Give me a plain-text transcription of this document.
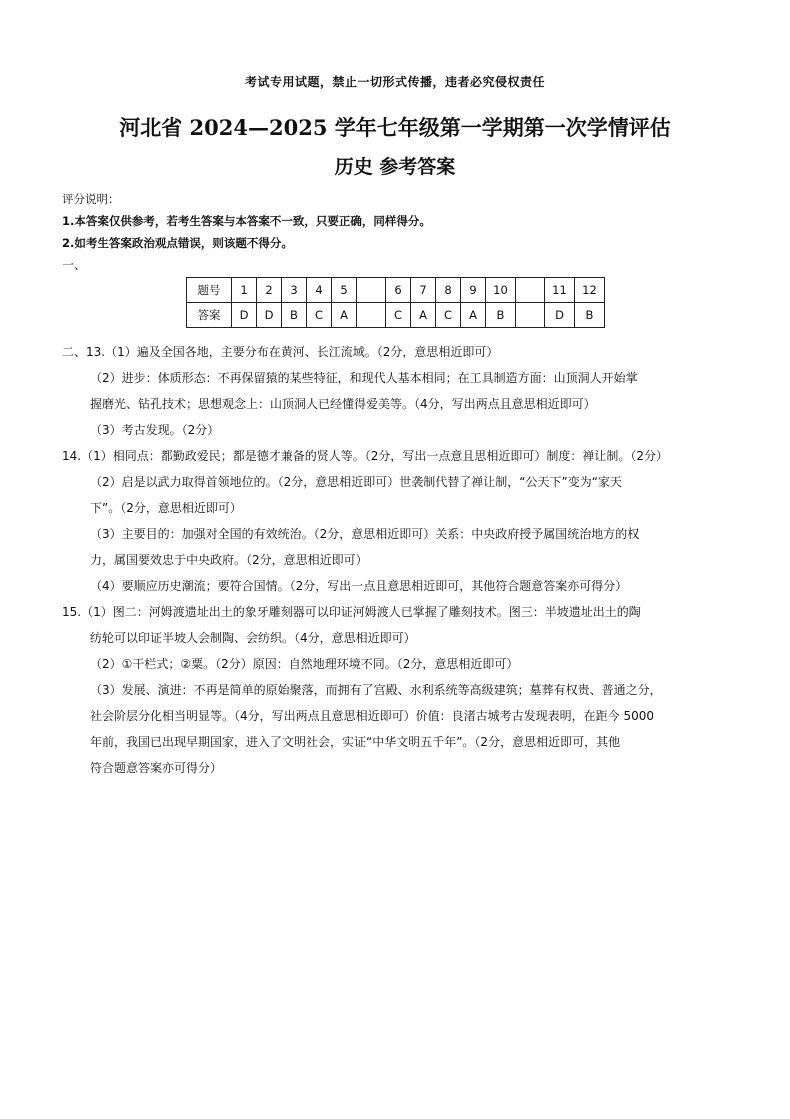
考试专用试题，禁止一切形式传播，违者必究侵权责任
河北省 2024—2025 学年七年级第一学期第一次学情评估
历史 参考答案
评分说明：
1.本答案仅供参考，若考生答案与本答案不一致，只要正确，同样得分。
2.如考生答案政治观点错误，则该题不得分。
一、
题号	1	2	3	4	5		6	7	8	9	10		11	12
答案	D	D	B	C	A		C	A	C	A	B		D	B

二、13.（1）遍及全国各地，主要分布在黄河、长江流域。（2分，意思相近即可）

（2）进步：体质形态：不再保留猿的某些特征，和现代人基本相同；在工具制造方面：山顶洞人开始掌

握磨光、钻孔技术；思想观念上：山顶洞人已经懂得爱美等。（4分，写出两点且意思相近即可）

（3）考古发现。（2分）

14.（1）相同点：都勤政爱民；都是德才兼备的贤人等。（2分，写出一点意且思相近即可）制度：禅让制。（2分）

（2）启是以武力取得首领地位的。（2分，意思相近即可）世袭制代替了禅让制，“公天下”变为“家天

下”。（2分，意思相近即可）

（3）主要目的：加强对全国的有效统治。（2分，意思相近即可）关系：中央政府授予属国统治地方的权

力，属国要效忠于中央政府。（2分，意思相近即可）

（4）要顺应历史潮流；要符合国情。（2分，写出一点且意思相近即可，其他符合题意答案亦可得分）

15.（1）图二：河姆渡遗址出土的象牙雕刻器可以印证河姆渡人已掌握了雕刻技术。图三：半坡遗址出土的陶

纺轮可以印证半坡人会制陶、会纺织。（4分，意思相近即可）

（2）①干栏式；②粟。（2分）原因：自然地理环境不同。（2分，意思相近即可）

（3）发展、演进：不再是简单的原始聚落，而拥有了宫殿、水利系统等高级建筑；墓葬有权贵、普通之分，

社会阶层分化相当明显等。（4分，写出两点且意思相近即可）价值：良渚古城考古发现表明，在距今 5000

年前，我国已出现早期国家，进入了文明社会，实证“中华文明五千年”。（2分，意思相近即可，其他

符合题意答案亦可得分）
